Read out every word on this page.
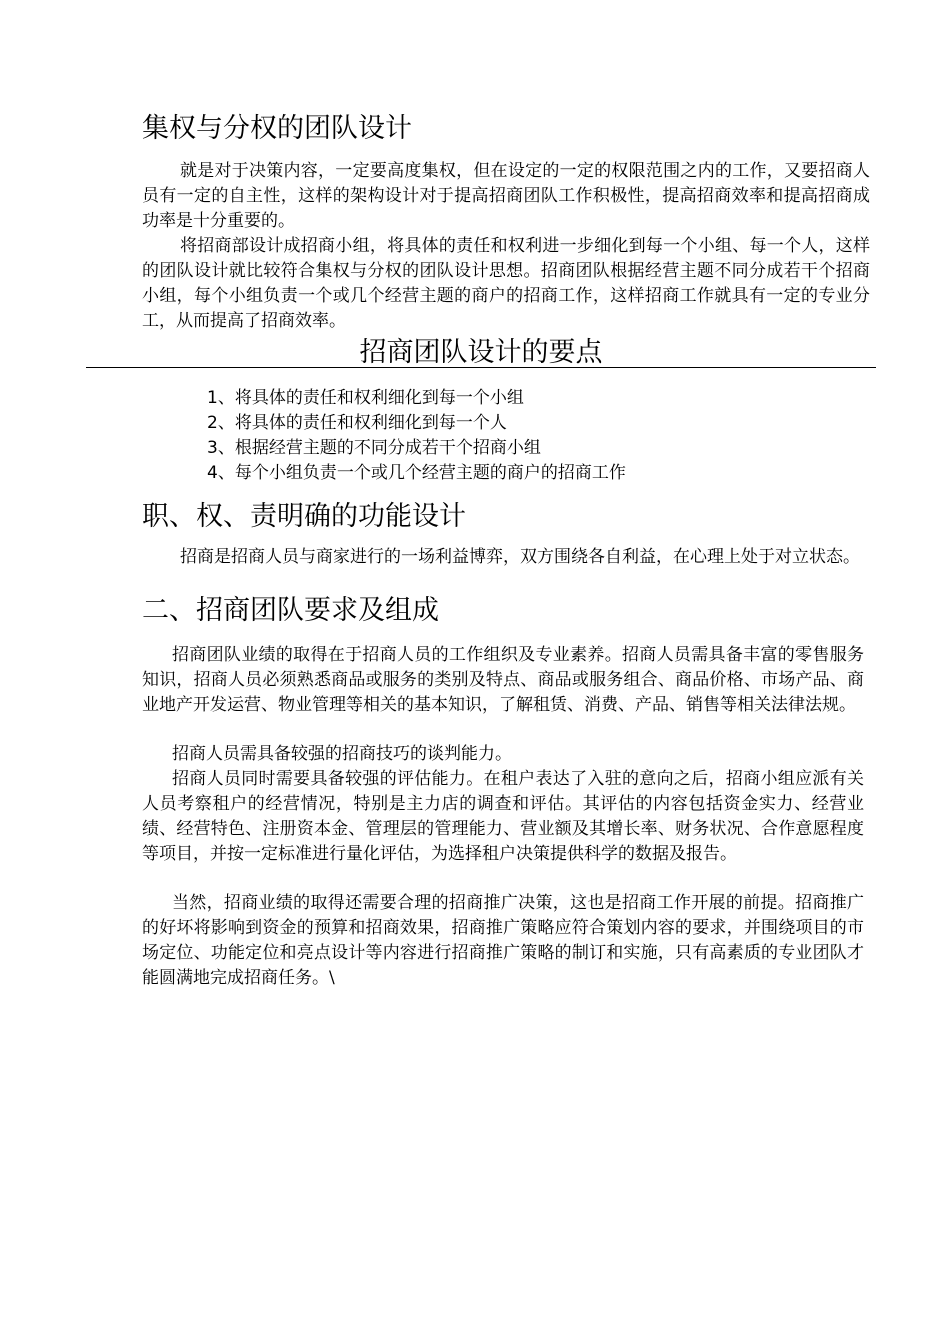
集权与分权的团队设计

就是对于决策内容，一定要高度集权，但在设定的一定的权限范围之内的工作，又要招商人员有一定的自主性，这样的架构设计对于提高招商团队工作积极性，提高招商效率和提高招商成功率是十分重要的。

将招商部设计成招商小组，将具体的责任和权利进一步细化到每一个小组、每一个人，这样的团队设计就比较符合集权与分权的团队设计思想。招商团队根据经营主题不同分成若干个招商小组，每个小组负责一个或几个经营主题的商户的招商工作，这样招商工作就具有一定的专业分工，从而提高了招商效率。

招商团队设计的要点
1、将具体的责任和权利细化到每一个小组
2、将具体的责任和权利细化到每一个人
3、根据经营主题的不同分成若干个招商小组
4、每个小组负责一个或几个经营主题的商户的招商工作
职、权、责明确的功能设计

招商是招商人员与商家进行的一场利益博弈，双方围绕各自利益，在心理上处于对立状态。

二、招商团队要求及组成

招商团队业绩的取得在于招商人员的工作组织及专业素养。招商人员需具备丰富的零售服务知识，招商人员必须熟悉商品或服务的类别及特点、商品或服务组合、商品价格、市场产品、商业地产开发运营、物业管理等相关的基本知识，了解租赁、消费、产品、销售等相关法律法规。

招商人员需具备较强的招商技巧的谈判能力。

招商人员同时需要具备较强的评估能力。在租户表达了入驻的意向之后，招商小组应派有关人员考察租户的经营情况，特别是主力店的调查和评估。其评估的内容包括资金实力、经营业绩、经营特色、注册资本金、管理层的管理能力、营业额及其增长率、财务状况、合作意愿程度等项目，并按一定标准进行量化评估，为选择租户决策提供科学的数据及报告。

当然，招商业绩的取得还需要合理的招商推广决策，这也是招商工作开展的前提。招商推广的好坏将影响到资金的预算和招商效果，招商推广策略应符合策划内容的要求，并围绕项目的市场定位、功能定位和亮点设计等内容进行招商推广策略的制订和实施，只有高素质的专业团队才能圆满地完成招商任务。\
